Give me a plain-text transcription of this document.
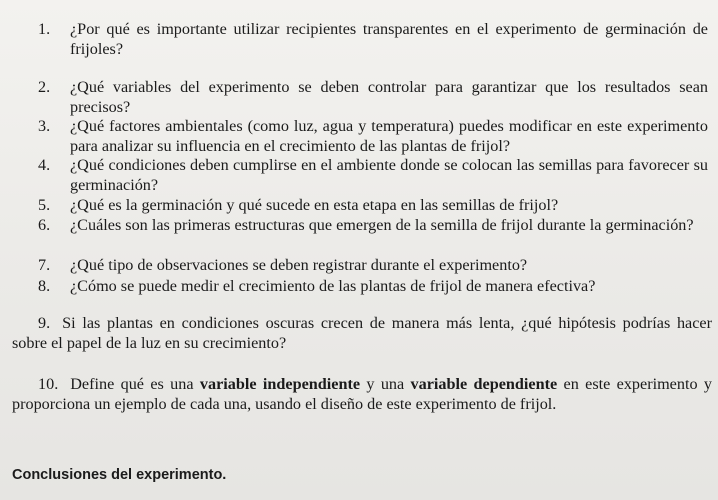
1. ¿Por qué es importante utilizar recipientes transparentes en el experimento de germinación de frijoles?
2. ¿Qué variables del experimento se deben controlar para garantizar que los resultados sean precisos?
3. ¿Qué factores ambientales (como luz, agua y temperatura) puedes modificar en este experimento para analizar su influencia en el crecimiento de las plantas de frijol?
4. ¿Qué condiciones deben cumplirse en el ambiente donde se colocan las semillas para favorecer su germinación?
5. ¿Qué es la germinación y qué sucede en esta etapa en las semillas de frijol?
6. ¿Cuáles son las primeras estructuras que emergen de la semilla de frijol durante la germinación?
7. ¿Qué tipo de observaciones se deben registrar durante el experimento?
8. ¿Cómo se puede medir el crecimiento de las plantas de frijol de manera efectiva?
9. Si las plantas en condiciones oscuras crecen de manera más lenta, ¿qué hipótesis podrías hacer sobre el papel de la luz en su crecimiento?
10. Define qué es una variable independiente y una variable dependiente en este experimento y proporciona un ejemplo de cada una, usando el diseño de este experimento de frijol.
Conclusiones del experimento.
